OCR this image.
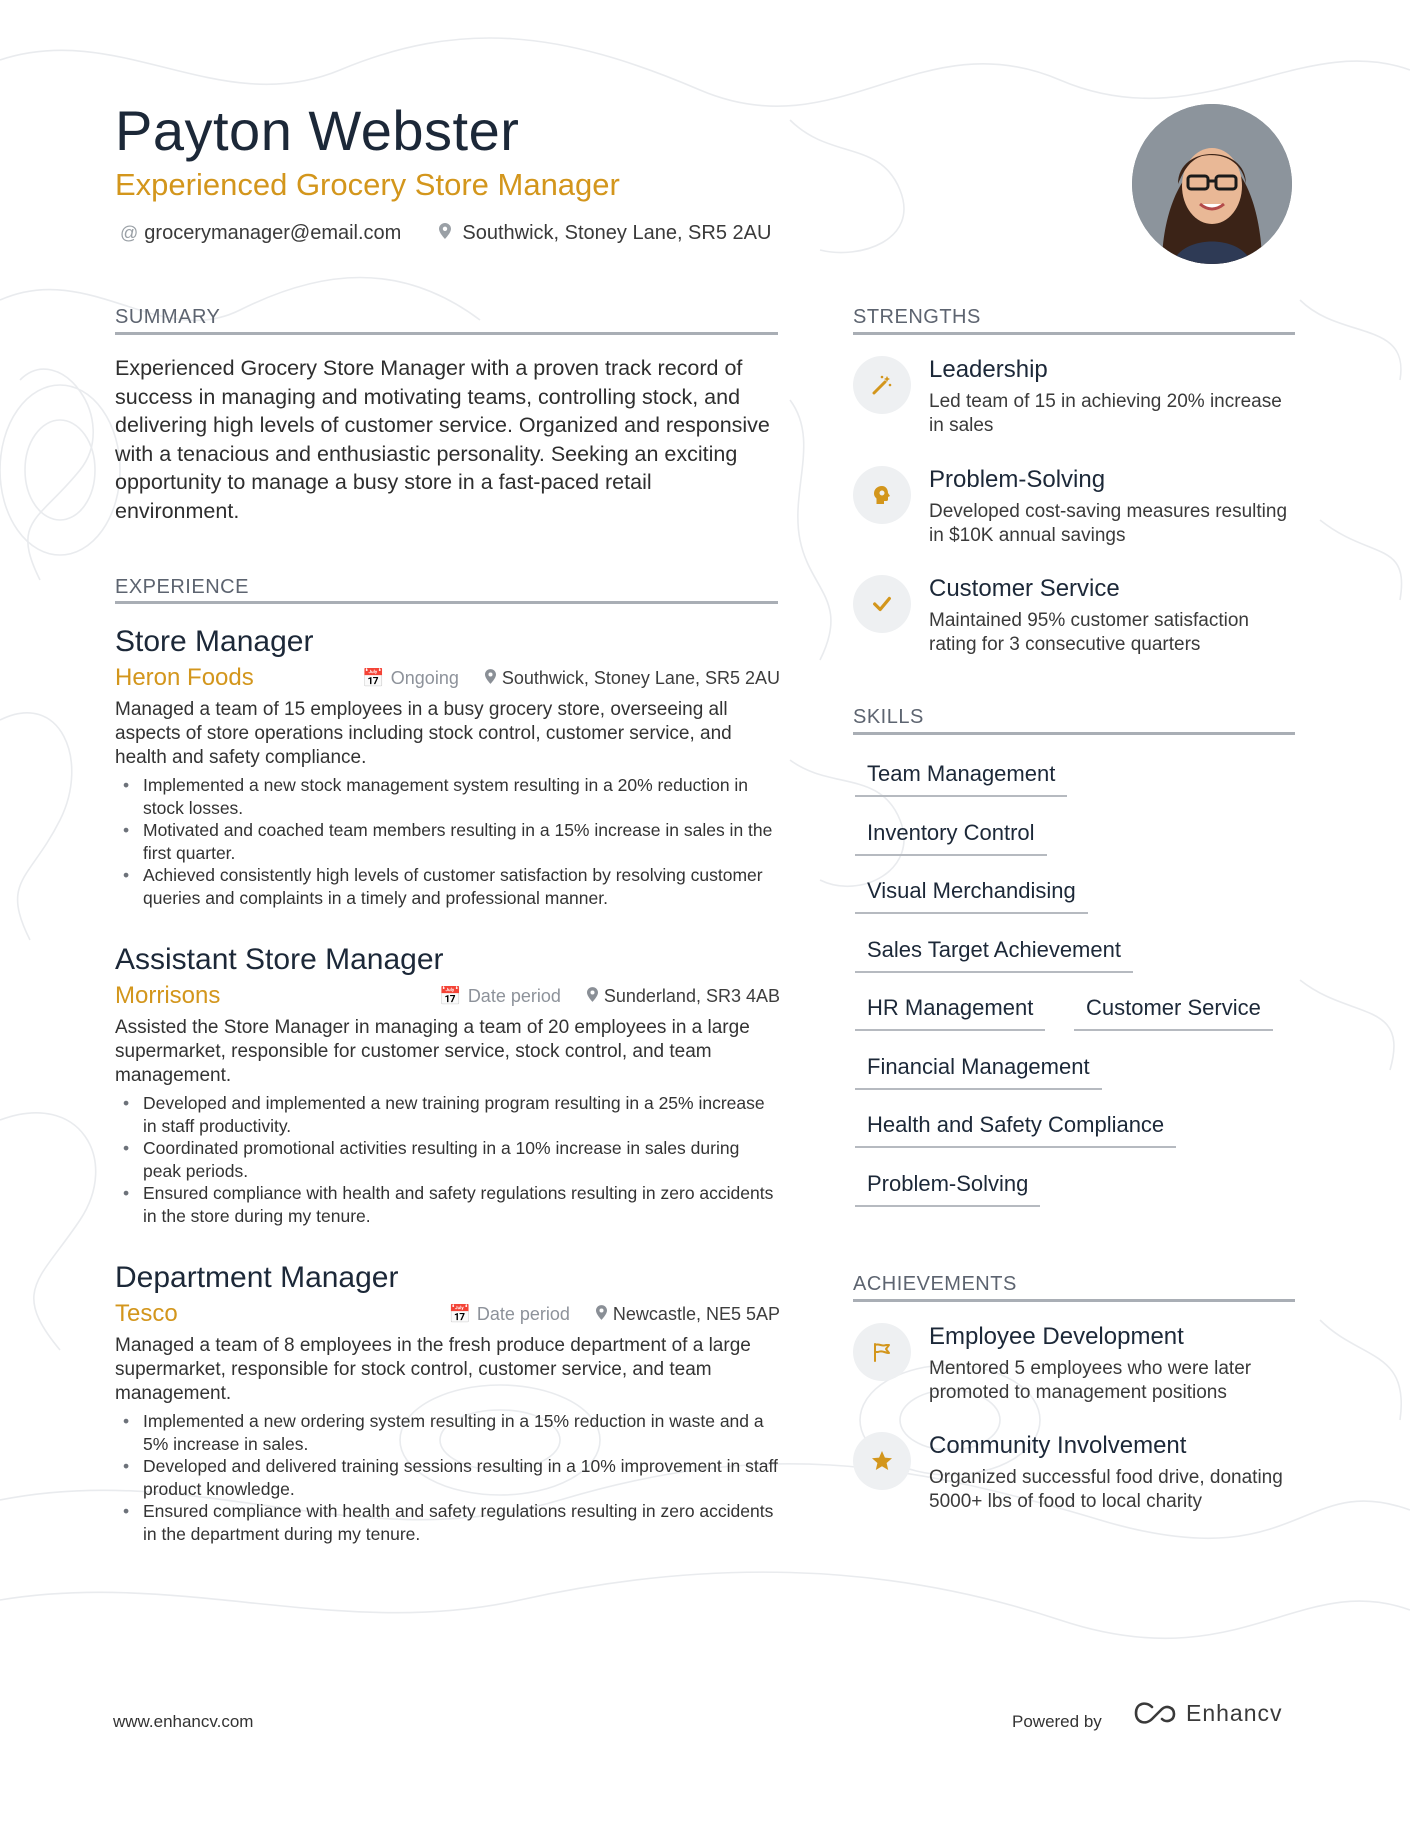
Payton Webster
Experienced Grocery Store Manager
@ grocerymanager@email.com	Southwick, Stoney Lane, SR5 2AU
SUMMARY
Experienced Grocery Store Manager with a proven track record of success in managing and motivating teams, controlling stock, and delivering high levels of customer service. Organized and responsive with a tenacious and enthusiastic personality. Seeking an exciting opportunity to manage a busy store in a fast-paced retail environment.
EXPERIENCE
Store Manager
Heron Foods	📅 Ongoing	Southwick, Stoney Lane, SR5 2AU
Managed a team of 15 employees in a busy grocery store, overseeing all aspects of store operations including stock control, customer service, and health and safety compliance.
• Implemented a new stock management system resulting in a 20% reduction in stock losses.
• Motivated and coached team members resulting in a 15% increase in sales in the first quarter.
• Achieved consistently high levels of customer satisfaction by resolving customer queries and complaints in a timely and professional manner.
Assistant Store Manager
Morrisons	📅 Date period	Sunderland, SR3 4AB
Assisted the Store Manager in managing a team of 20 employees in a large supermarket, responsible for customer service, stock control, and team management.
• Developed and implemented a new training program resulting in a 25% increase in staff productivity.
• Coordinated promotional activities resulting in a 10% increase in sales during peak periods.
• Ensured compliance with health and safety regulations resulting in zero accidents in the store during my tenure.
Department Manager
Tesco	📅 Date period	Newcastle, NE5 5AP
Managed a team of 8 employees in the fresh produce department of a large supermarket, responsible for stock control, customer service, and team management.
• Implemented a new ordering system resulting in a 15% reduction in waste and a 5% increase in sales.
• Developed and delivered training sessions resulting in a 10% improvement in staff product knowledge.
• Ensured compliance with health and safety regulations resulting in zero accidents in the department during my tenure.
STRENGTHS
Leadership
Led team of 15 in achieving 20% increase in sales
Problem-Solving
Developed cost-saving measures resulting in $10K annual savings
Customer Service
Maintained 95% customer satisfaction rating for 3 consecutive quarters
SKILLS
Team Management
Inventory Control
Visual Merchandising
Sales Target Achievement
HR Management	Customer Service
Financial Management
Health and Safety Compliance
Problem-Solving
ACHIEVEMENTS
Employee Development
Mentored 5 employees who were later promoted to management positions
Community Involvement
Organized successful food drive, donating 5000+ lbs of food to local charity
www.enhancv.com	Powered by	Enhancv
